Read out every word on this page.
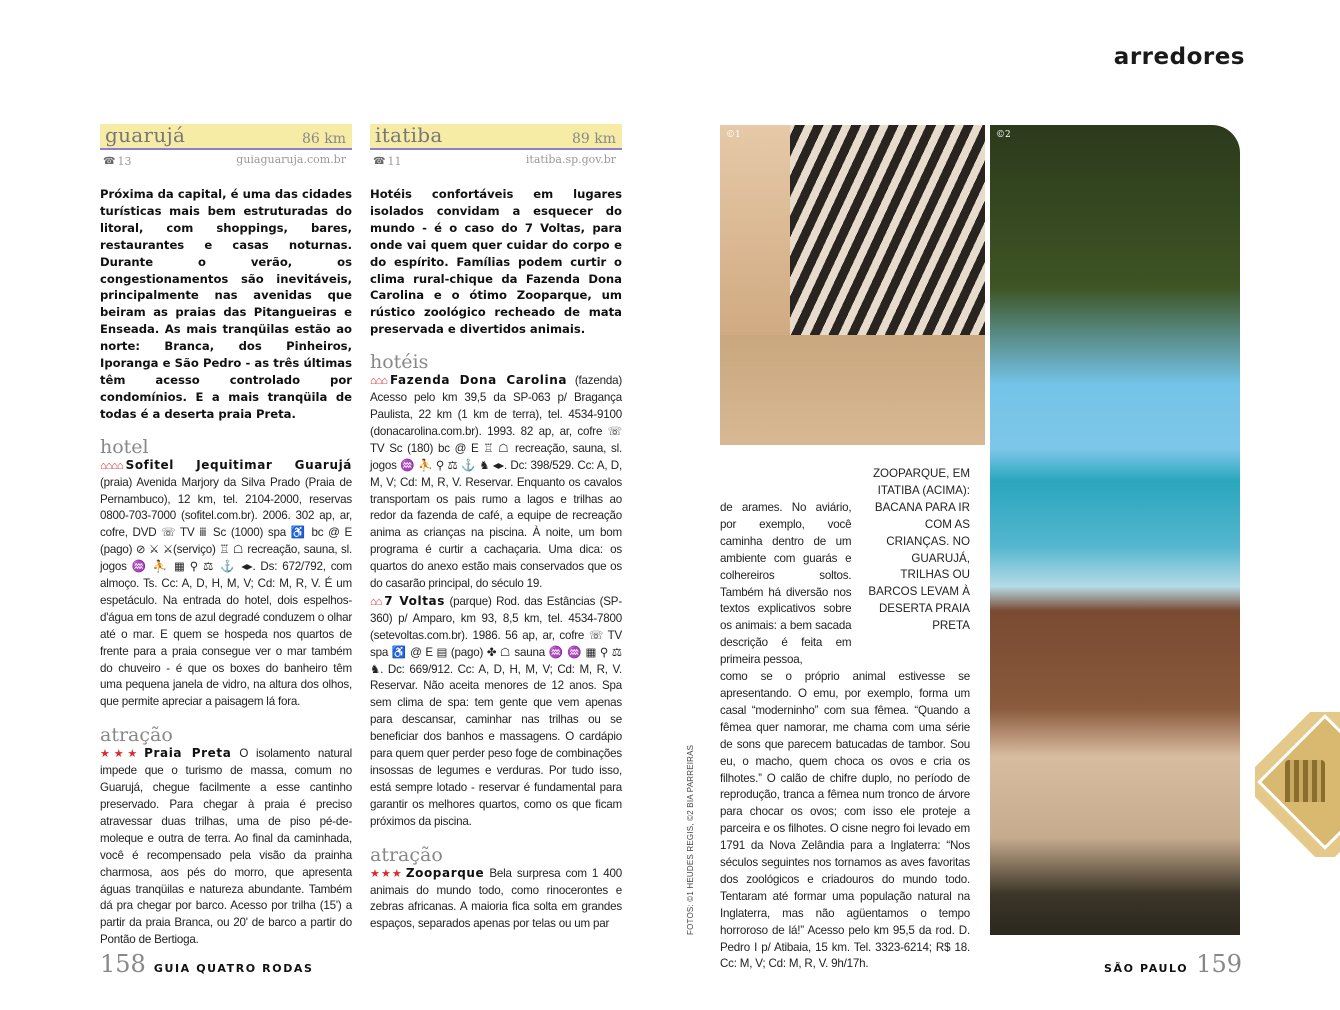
arredores
guarujá	86 km
☎ 13	guiaguaruja.com.br

Próxima da capital, é uma das cidades turísticas mais bem estruturadas do litoral, com shoppings, bares, restaurantes e casas noturnas. Durante o verão, os congestionamentos são inevitáveis, principalmente nas avenidas que beiram as praias das Pitangueiras e Enseada. As mais tranqüilas estão ao norte: Branca, dos Pinheiros, Iporanga e São Pedro - as três últimas têm acesso controlado por condomínios. E a mais tranqüila de todas é a deserta praia Preta.

hotel

⌂⌂⌂⌂ Sofitel Jequitimar Guarujá (praia) Avenida Marjory da Silva Prado (Praia de Pernambuco), 12 km, tel. 2104-2000, reservas 0800-703-7000 (sofitel.com.br). 2006. 302 ap, ar, cofre, DVD ☏ TV ⅲ Sc (1000) spa ♿ bc @ E (pago) ⊘ ⚔ ⚔(serviço) ♖ ☖ recreação, sauna, sl. jogos ♒ ⛹ ▦ ⚲ ⚖ ⚓ ◂▸. Ds: 672/792, com almoço. Ts. Cc: A, D, H, M, V; Cd: M, R, V. É um espetáculo. Na entrada do hotel, dois espelhos-d'água em tons de azul degradé conduzem o olhar até o mar. E quem se hospeda nos quartos de frente para a praia consegue ver o mar também do chuveiro - é que os boxes do banheiro têm uma pequena janela de vidro, na altura dos olhos, que permite apreciar a paisagem lá fora.

atração

★★★ Praia Preta O isolamento natural impede que o turismo de massa, comum no Guarujá, chegue facilmente a esse cantinho preservado. Para chegar à praia é preciso atravessar duas trilhas, uma de piso pé-de-moleque e outra de terra. Ao final da caminhada, você é recompensado pela visão da prainha charmosa, aos pés do morro, que apresenta águas tranqüilas e natureza abundante. Também dá pra chegar por barco. Acesso por trilha (15') a partir da praia Branca, ou 20' de barco a partir do Pontão de Bertioga.

itatiba	89 km
☎ 11	itatiba.sp.gov.br

Hotéis confortáveis em lugares isolados convidam a esquecer do mundo - é o caso do 7 Voltas, para onde vai quem quer cuidar do corpo e do espírito. Famílias podem curtir o clima rural-chique da Fazenda Dona Carolina e o ótimo Zooparque, um rústico zoológico recheado de mata preservada e divertidos animais.

hotéis

⌂⌂⌂ Fazenda Dona Carolina (fazenda) Acesso pelo km 39,5 da SP-063 p/ Bragança Paulista, 22 km (1 km de terra), tel. 4534-9100 (donacarolina.com.br). 1993. 82 ap, ar, cofre ☏ TV Sc (180) bc @ E ♖ ☖ recreação, sauna, sl. jogos ♒ ⛹ ⚲ ⚖ ⚓ ♞ ◂▸. Dc: 398/529. Cc: A, D, M, V; Cd: M, R, V. Reservar. Enquanto os cavalos transportam os pais rumo a lagos e trilhas ao redor da fazenda de café, a equipe de recreação anima as crianças na piscina. À noite, um bom programa é curtir a cachaçaria. Uma dica: os quartos do anexo estão mais conservados que os do casarão principal, do século 19.

⌂⌂ 7 Voltas (parque) Rod. das Estâncias (SP-360) p/ Amparo, km 93, 8,5 km, tel. 4534-7800 (setevoltas.com.br). 1986. 56 ap, ar, cofre ☏ TV spa ♿ @ E ▤ (pago) ✤ ☖ sauna ♒ ♒ ▦ ⚲ ⚖ ♞. Dc: 669/912. Cc: A, D, H, M, V; Cd: M, R, V. Reservar. Não aceita menores de 12 anos. Spa sem clima de spa: tem gente que vem apenas para descansar, caminhar nas trilhas ou se beneficiar dos banhos e massagens. O cardápio para quem quer perder peso foge de combinações insossas de legumes e verduras. Por tudo isso, está sempre lotado - reservar é fundamental para garantir os melhores quartos, como os que ficam próximos da piscina.

atração

★★★ Zooparque Bela surpresa com 1 400 animais do mundo todo, como rinocerontes e zebras africanas. A maioria fica solta em grandes espaços, separados apenas por telas ou um par

158 GUIA QUATRO RODAS
©1	©2
FOTOS: ©1 HEUDES REGIS, ©2 BIA PARREIRAS

de arames. No aviário, por exemplo, você caminha dentro de um ambiente com guarás e colhereiros soltos. Também há diversão nos textos explicativos sobre os animais: a bem sacada descrição é feita em primeira pessoa,

ZOOPARQUE, EM ITATIBA (ACIMA): BACANA PARA IR COM AS CRIANÇAS. NO GUARUJÁ, TRILHAS OU BARCOS LEVAM À DESERTA PRAIA PRETA

como se o próprio animal estivesse se apresentando. O emu, por exemplo, forma um casal “moderninho” com sua fêmea. “Quando a fêmea quer namorar, me chama com uma série de sons que parecem batucadas de tambor. Sou eu, o macho, quem choca os ovos e cria os filhotes.” O calão de chifre duplo, no período de reprodução, tranca a fêmea num tronco de árvore para chocar os ovos; com isso ele proteje a parceira e os filhotes. O cisne negro foi levado em 1791 da Nova Zelândia para a Inglaterra: “Nos séculos seguintes nos tornamos as aves favoritas dos zoológicos e criadouros do mundo todo. Tentaram até formar uma população natural na Inglaterra, mas não agüentamos o tempo horroroso de lá!” Acesso pelo km 95,5 da rod. D. Pedro I p/ Atibaia, 15 km. Tel. 3323-6214; R$ 18. Cc: M, V; Cd: M, R, V. 9h/17h.	SÃO PAULO 159
